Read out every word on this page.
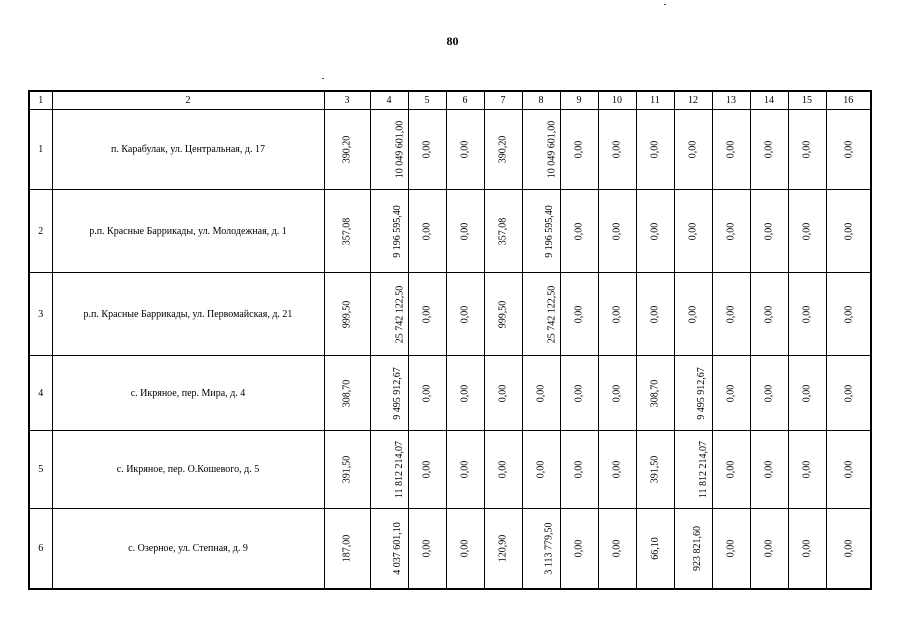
80
1	2	3	4	5	6	7	8	9	10	11	12	13	14	15	16
1	п. Карабулак, ул. Центральная, д. 17	390,20	10 049 601,00	0,00	0,00	390,20	10 049 601,00	0,00	0,00	0,00	0,00	0,00	0,00	0,00	0,00
2	р.п. Красные Баррикады, ул. Молодежная, д. 1	357,08	9 196 595,40	0,00	0,00	357,08	9 196 595,40	0,00	0,00	0,00	0,00	0,00	0,00	0,00	0,00
3	р.п. Красные Баррикады, ул. Первомайская, д. 21	999,50	25 742 122,50	0,00	0,00	999,50	25 742 122,50	0,00	0,00	0,00	0,00	0,00	0,00	0,00	0,00
4	с. Икряное, пер. Мира, д. 4	308,70	9 495 912,67	0,00	0,00	0,00	0,00	0,00	0,00	308,70	9 495 912,67	0,00	0,00	0,00	0,00
5	с. Икряное, пер. О.Кошевого, д. 5	391,50	11 812 214,07	0,00	0,00	0,00	0,00	0,00	0,00	391,50	11 812 214,07	0,00	0,00	0,00	0,00
6	с. Озерное, ул. Степная, д. 9	187,00	4 037 601,10	0,00	0,00	120,90	3 113 779,50	0,00	0,00	66,10	923 821,60	0,00	0,00	0,00	0,00
